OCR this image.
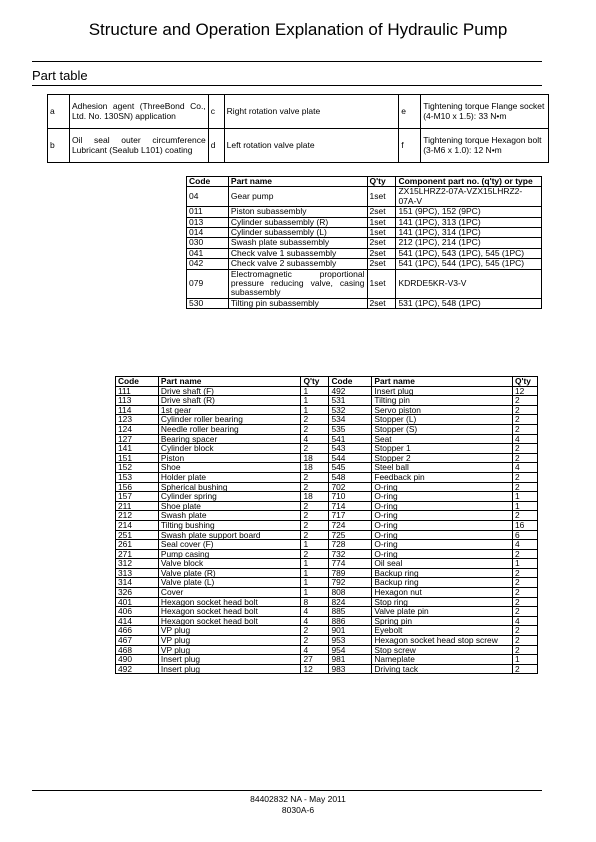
Structure and Operation Explanation of Hydraulic Pump
Part table
a	Adhesion agent (ThreeBond Co., Ltd. No. 130SN) application	c	Right rotation valve plate	e	Tightening torque Flange socket (4-M10 x 1.5): 33 N•m
b	Oil seal outer circumference Lubricant (Sealub L101) coating	d	Left rotation valve plate	f	Tightening torque Hexagon bolt (3-M6 x 1.0): 12 N•m
Code	Part name	Q'ty	Component part no. (q'ty) or type
04	Gear pump	1set	ZX15LHRZ2-07A-VZX15LHRZ2-07A-V
011	Piston subassembly	2set	151 (9PC), 152 (9PC)
013	Cylinder subassembly (R)	1set	141 (1PC), 313 (1PC)
014	Cylinder subassembly (L)	1set	141 (1PC), 314 (1PC)
030	Swash plate subassembly	2set	212 (1PC), 214 (1PC)
041	Check valve 1 subassembly	2set	541 (1PC), 543 (1PC), 545 (1PC)
042	Check valve 2 subassembly	2set	541 (1PC), 544 (1PC), 545 (1PC)
079	Electromagnetic proportional pressure reducing valve, casing subassembly	1set	KDRDE5KR-V3-V
530	Tilting pin subassembly	2set	531 (1PC), 548 (1PC)
Code	Part name	Q'ty	Code	Part name	Q'ty
111	Drive shaft (F)	1	492	Insert plug	12
113	Drive shaft (R)	1	531	Tilting pin	2
114	1st gear	1	532	Servo piston	2
123	Cylinder roller bearing	2	534	Stopper (L)	2
124	Needle roller bearing	2	535	Stopper (S)	2
127	Bearing spacer	4	541	Seat	4
141	Cylinder block	2	543	Stopper 1	2
151	Piston	18	544	Stopper 2	2
152	Shoe	18	545	Steel ball	4
153	Holder plate	2	548	Feedback pin	2
156	Spherical bushing	2	702	O-ring	2
157	Cylinder spring	18	710	O-ring	1
211	Shoe plate	2	714	O-ring	1
212	Swash plate	2	717	O-ring	2
214	Tilting bushing	2	724	O-ring	16
251	Swash plate support board	2	725	O-ring	6
261	Seal cover (F)	1	728	O-ring	4
271	Pump casing	2	732	O-ring	2
312	Valve block	1	774	Oil seal	1
313	Valve plate (R)	1	789	Backup ring	2
314	Valve plate (L)	1	792	Backup ring	2
326	Cover	1	808	Hexagon nut	2
401	Hexagon socket head bolt	8	824	Stop ring	2
406	Hexagon socket head bolt	4	885	Valve plate pin	2
414	Hexagon socket head bolt	4	886	Spring pin	4
466	VP plug	2	901	Eyebolt	2
467	VP plug	2	953	Hexagon socket head stop screw	2
468	VP plug	4	954	Stop screw	2
490	Insert plug	27	981	Nameplate	1
492	Insert plug	12	983	Driving tack	2
84402832 NA - May 2011
8030A-6
